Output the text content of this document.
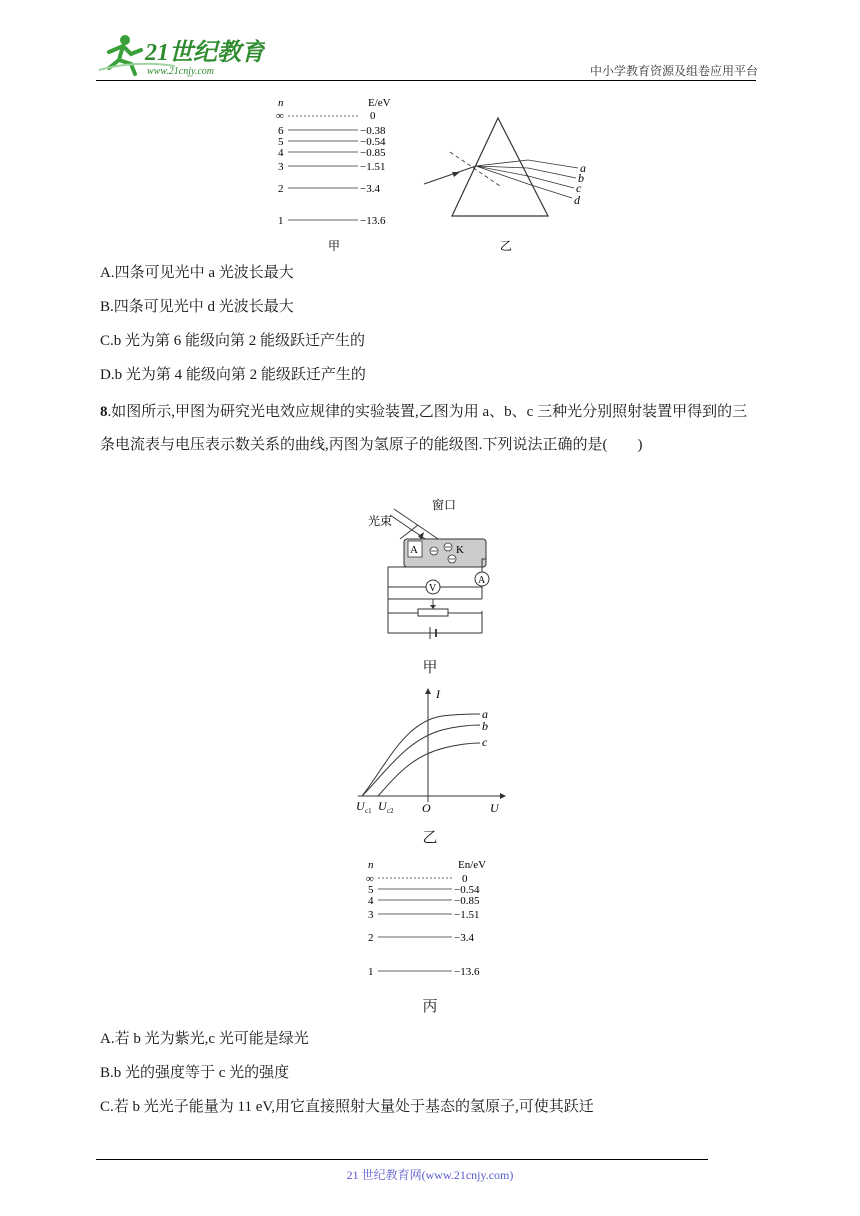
21世纪教育
www.21cnjy.com	中小学教育资源及组卷应用平台
n	E/eV
∞	0
6	−0.38
5	−0.54
4	−0.85
3	−1.51
2	−3.4
1	−13.6
甲
a
b
c
d
乙
A.四条可见光中 a 光波长最大
B.四条可见光中 d 光波长最大
C.b 光为第 6 能级向第 2 能级跃迁产生的
D.b 光为第 4 能级向第 2 能级跃迁产生的
8.如图所示,甲图为研究光电效应规律的实验装置,乙图为用 a、b、c 三种光分别照射装置甲得到的三条电流表与电压表示数关系的曲线,丙图为氢原子的能级图.下列说法正确的是(　　)
光束
窗口
A	K
A
V
甲
I
U
O
a
b
c
U c1 U c2
乙
n	En/eV
∞	0
5	−0.54
4	−0.85
3	−1.51
2	−3.4
1	−13.6
丙
A.若 b 光为紫光,c 光可能是绿光
B.b 光的强度等于 c 光的强度
C.若 b 光光子能量为 11 eV,用它直接照射大量处于基态的氢原子,可使其跃迁
21 世纪教育网(www.21cnjy.com)
